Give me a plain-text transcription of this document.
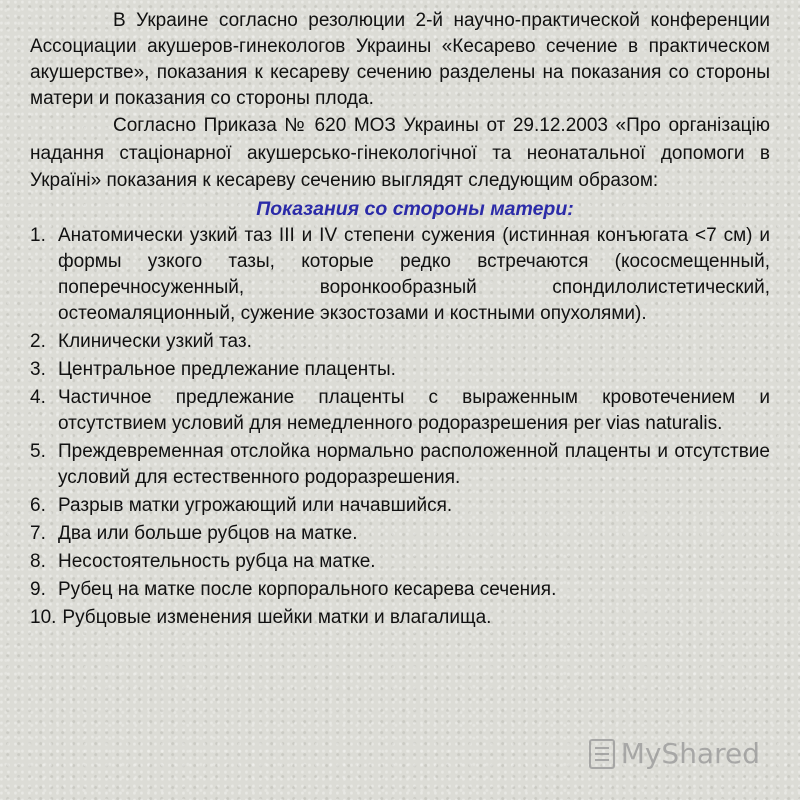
В Украине согласно резолюции 2-й научно-практической конференции Ассоциации акушеров-гинекологов Украины «Кесарево сечение в практическом акушерстве», показания к кесареву сечению разделены на показания со стороны матери и показания со стороны плода.

Согласно Приказа № 620 МОЗ Украины от 29.12.2003 «Про організацію надання стаціонарної акушерсько-гінекологічної та неонатальної допомоги в Україні» показания к кесареву сечению выглядят следующим образом:

Показания со стороны матери:

1. Анатомически узкий таз III и IV степени сужения (истинная конъюгата <7 см) и формы узкого тазы, которые редко встречаются (кососмещенный, поперечносуженный, воронкообразный спондилолистетический, остеомаляционный, сужение экзостозами и костными опухолями).
2. Клинически узкий таз.
3. Центральное предлежание плаценты.
4. Частичное предлежание плаценты с выраженным кровотечением и отсутствием условий для немедленного родоразрешения per vias naturalis.
5. Преждевременная отслойка нормально расположенной плаценты и отсутствие условий для естественного родоразрешения.
6. Разрыв матки угрожающий или начавшийся.
7. Два или больше рубцов на матке.
8. Несостоятельность рубца на матке.
9. Рубец на матке после корпорального кесарева сечения.
10. Рубцовые изменения шейки матки и влагалища.
MyShared
